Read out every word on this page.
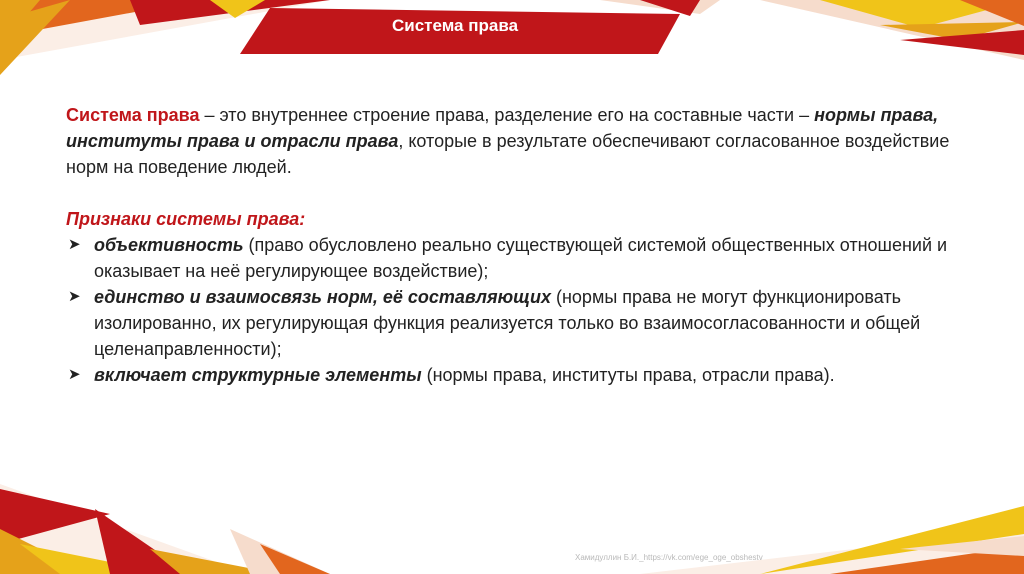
Система права

Система права – это внутреннее строение права, разделение его на составные части – нормы права, институты права и отрасли права, которые в результате обеспечивают согласованное воздействие норм на поведение людей.

Признаки системы права:

➤ объективность (право обусловлено реально существующей системой общественных отношений и оказывает на неё регулирующее воздействие);
➤ единство и взаимосвязь норм, её составляющих (нормы права не могут функционировать изолированно, их регулирующая функция реализуется только во взаимосогласованности и общей целенаправленности);
➤ включает структурные элементы (нормы права, институты права, отрасли права).
Хамидуллин Б.И._https://vk.com/ege_oge_obshestv
